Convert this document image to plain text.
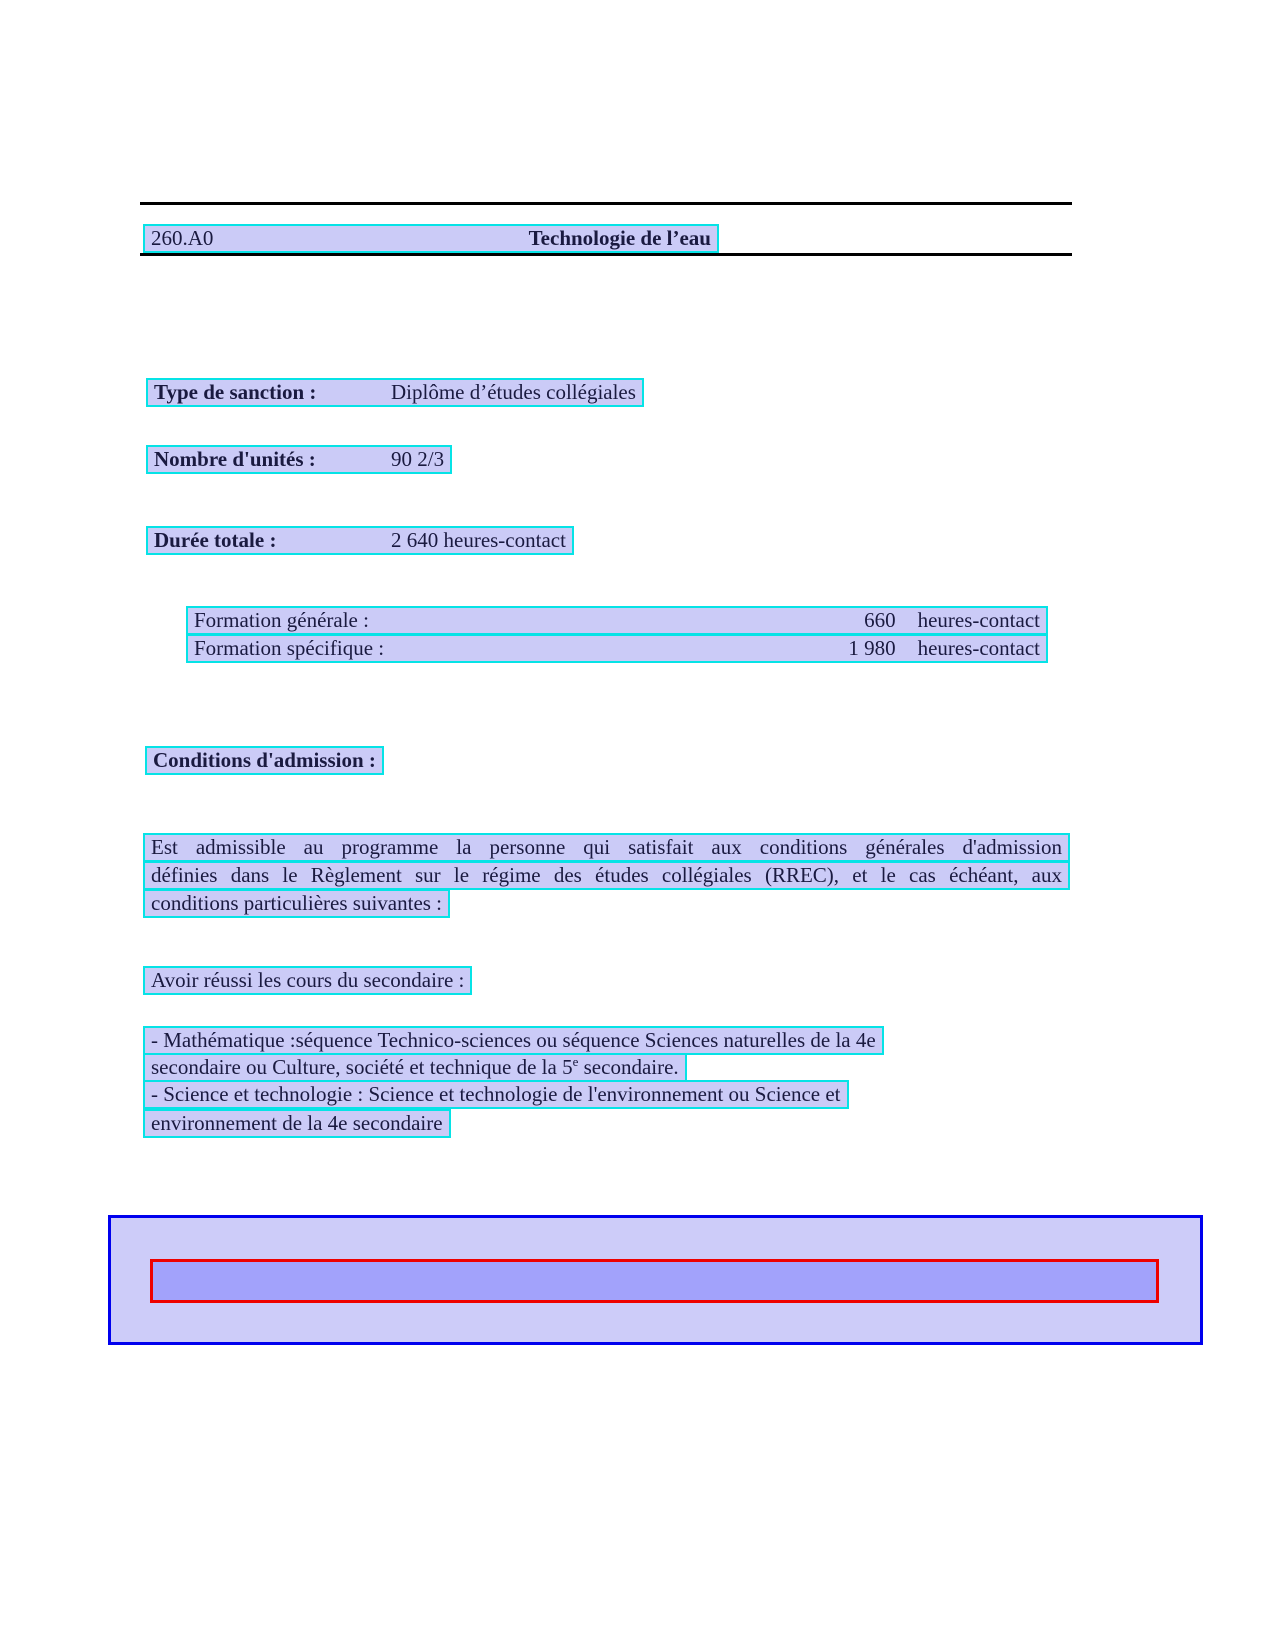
260.A0	Technologie de l’eau
Type de sanction :	Diplôme d’études collégiales
Nombre d'unités :	90 2/3
Durée totale :	2 640 heures-contact
Formation générale :	660 heures-contact
Formation spécifique :	1 980 heures-contact
Conditions d'admission :
Est admissible au programme la personne qui satisfait aux conditions générales d'admission
définies dans le Règlement sur le régime des études collégiales (RREC), et le cas échéant, aux
conditions particulières suivantes :
Avoir réussi les cours du secondaire :
- Mathématique :séquence Technico-sciences ou séquence Sciences naturelles de la 4e
secondaire ou Culture, société et technique de la 5e secondaire.
- Science et technologie : Science et technologie de l'environnement ou Science et
environnement de la 4e secondaire
